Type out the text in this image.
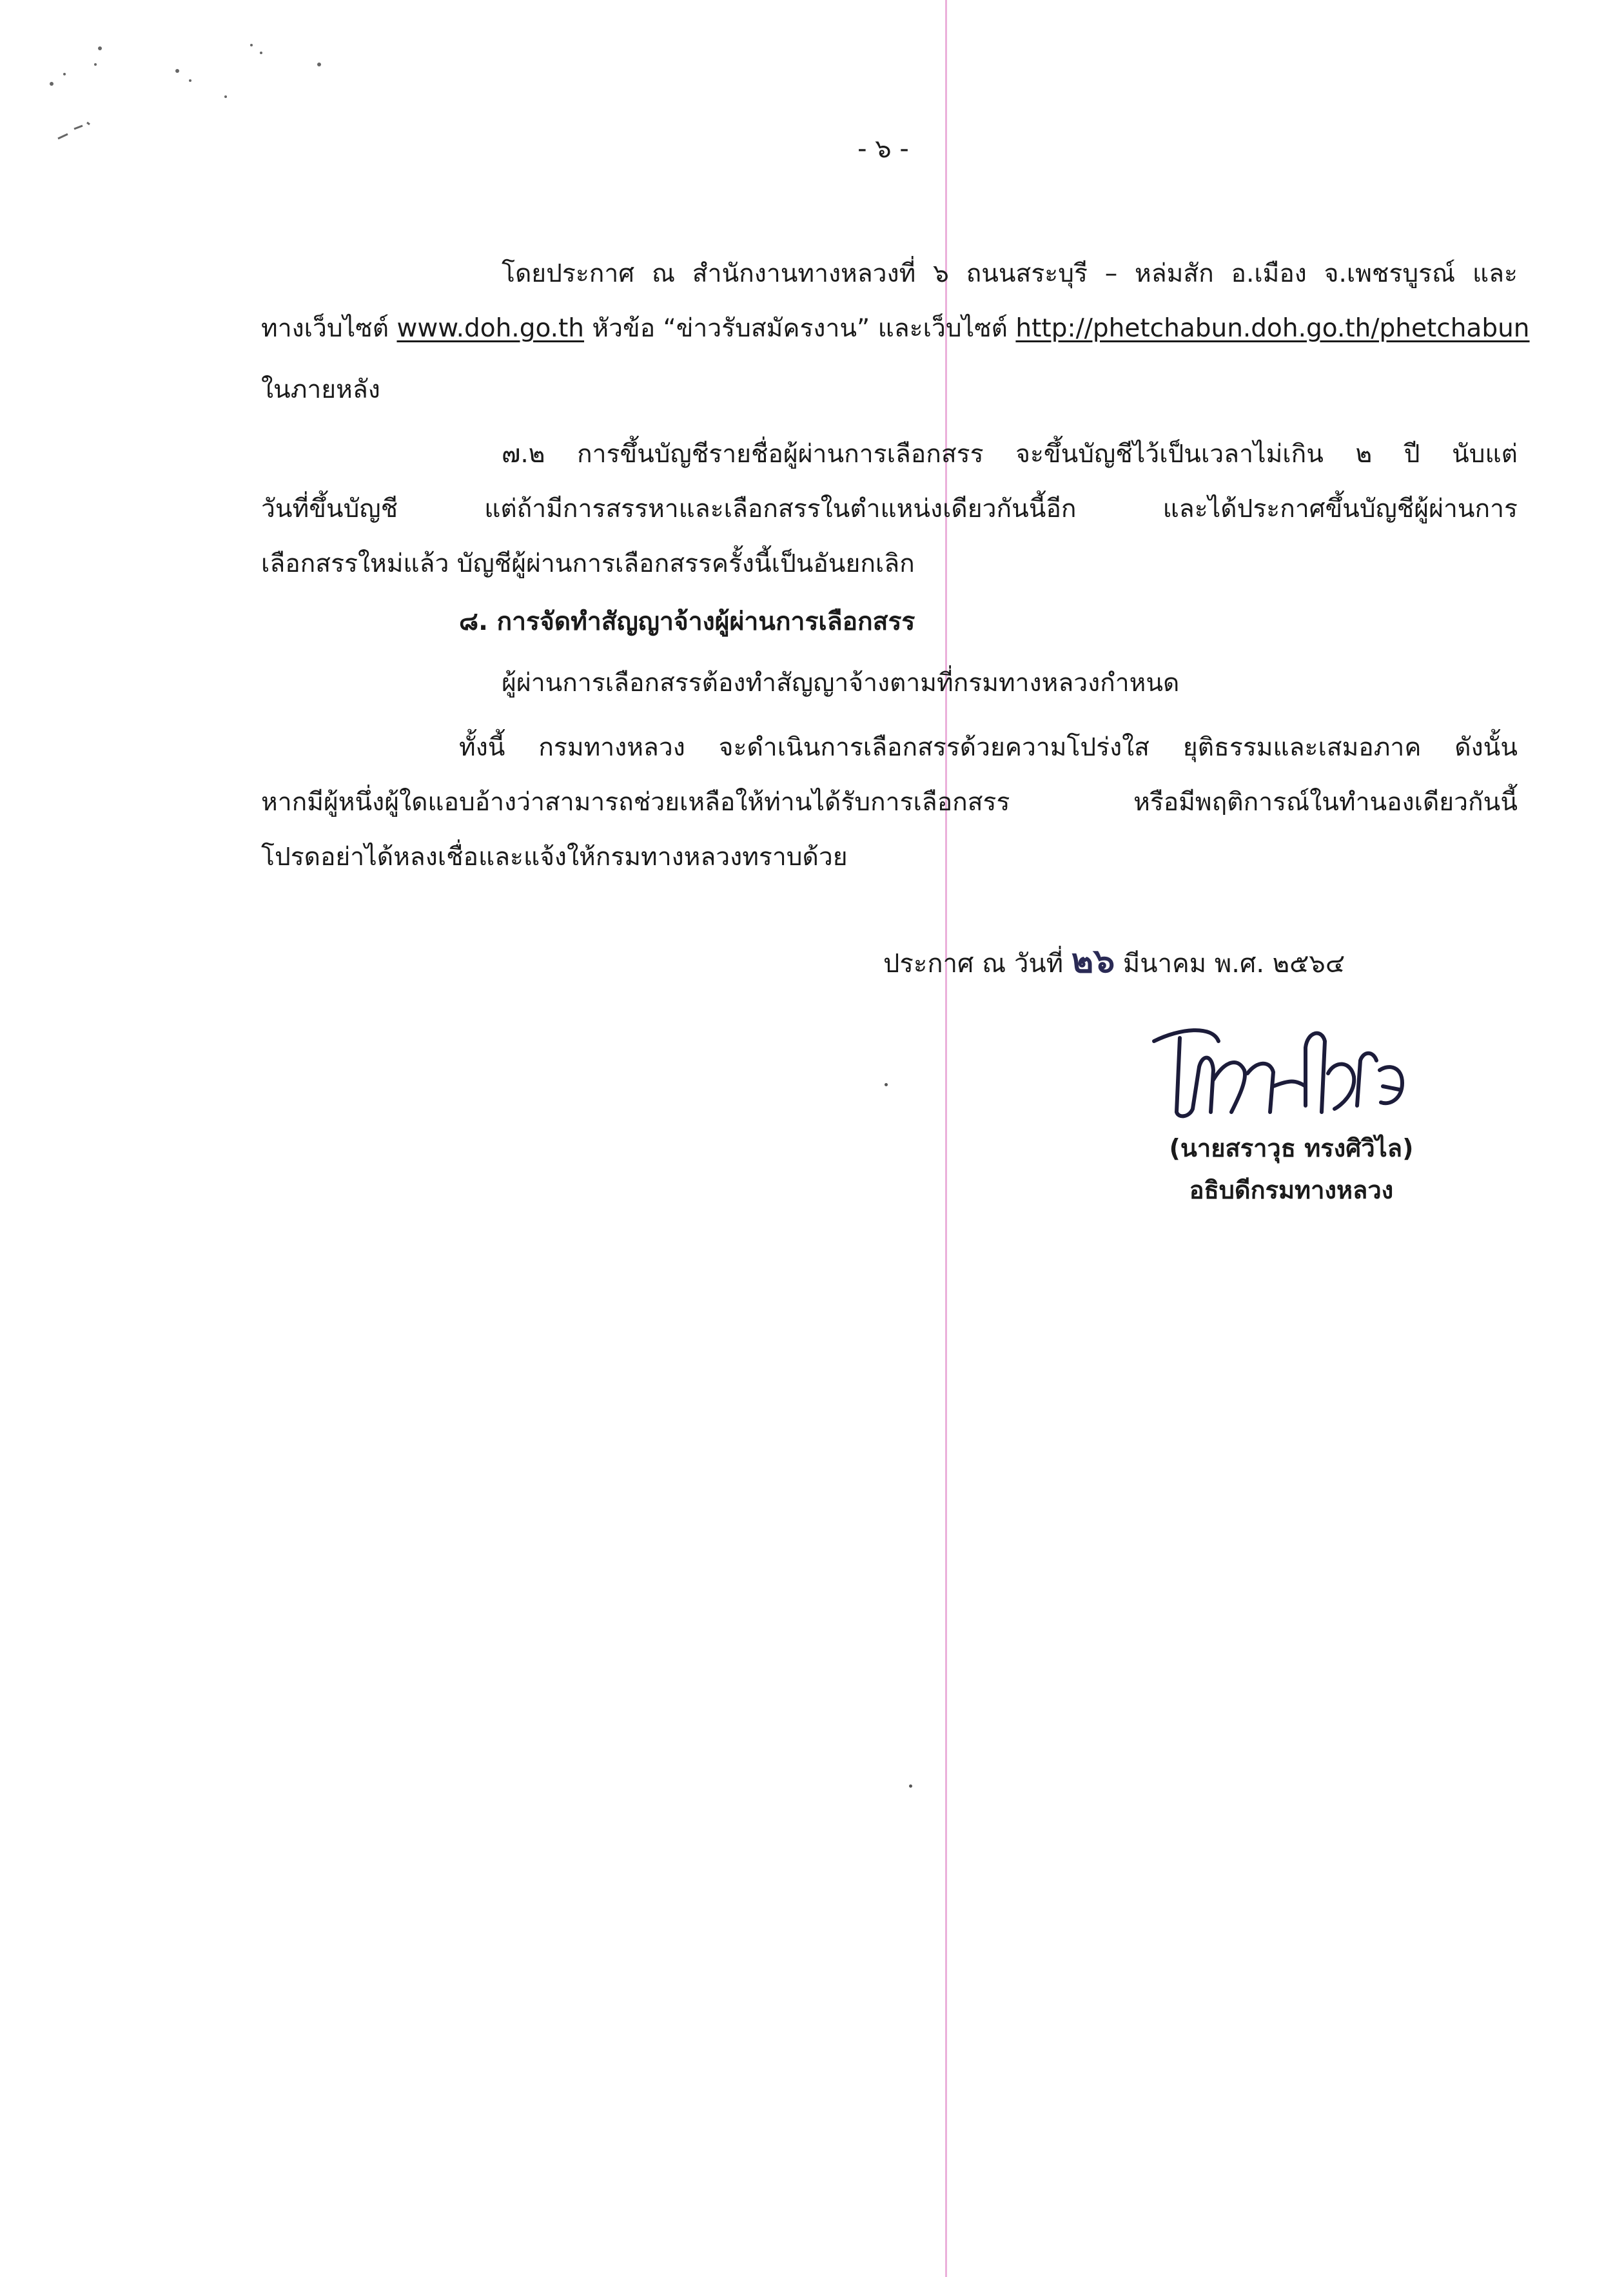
- ๖ -
โดยประกาศ ณ สำนักงานทางหลวงที่ ๖ ถนนสระบุรี – หล่มสัก อ.เมือง จ.เพชรบูรณ์ และ
ทางเว็บไซต์ www.doh.go.th หัวข้อ “ข่าวรับสมัครงาน” และเว็บไซต์ http://phetchabun.doh.go.th/phetchabun
ในภายหลัง
๗.๒ การขึ้นบัญชีรายชื่อผู้ผ่านการเลือกสรร จะขึ้นบัญชีไว้เป็นเวลาไม่เกิน ๒ ปี นับแต่
วันที่ขึ้นบัญชี แต่ถ้ามีการสรรหาและเลือกสรรในตำแหน่งเดียวกันนี้อีก และได้ประกาศขึ้นบัญชีผู้ผ่านการ
เลือกสรรใหม่แล้ว บัญชีผู้ผ่านการเลือกสรรครั้งนี้เป็นอันยกเลิก
๘. การจัดทำสัญญาจ้างผู้ผ่านการเลือกสรร
ผู้ผ่านการเลือกสรรต้องทำสัญญาจ้างตามที่กรมทางหลวงกำหนด
ทั้งนี้ กรมทางหลวง จะดำเนินการเลือกสรรด้วยความโปร่งใส ยุติธรรมและเสมอภาค ดังนั้น
หากมีผู้หนึ่งผู้ใดแอบอ้างว่าสามารถช่วยเหลือให้ท่านได้รับการเลือกสรร หรือมีพฤติการณ์ในทำนองเดียวกันนี้
โปรดอย่าได้หลงเชื่อและแจ้งให้กรมทางหลวงทราบด้วย
ประกาศ ณ วันที่ ๒๖ มีนาคม พ.ศ. ๒๕๖๔
(นายสราวุธ ทรงศิวิไล)
อธิบดีกรมทางหลวง
